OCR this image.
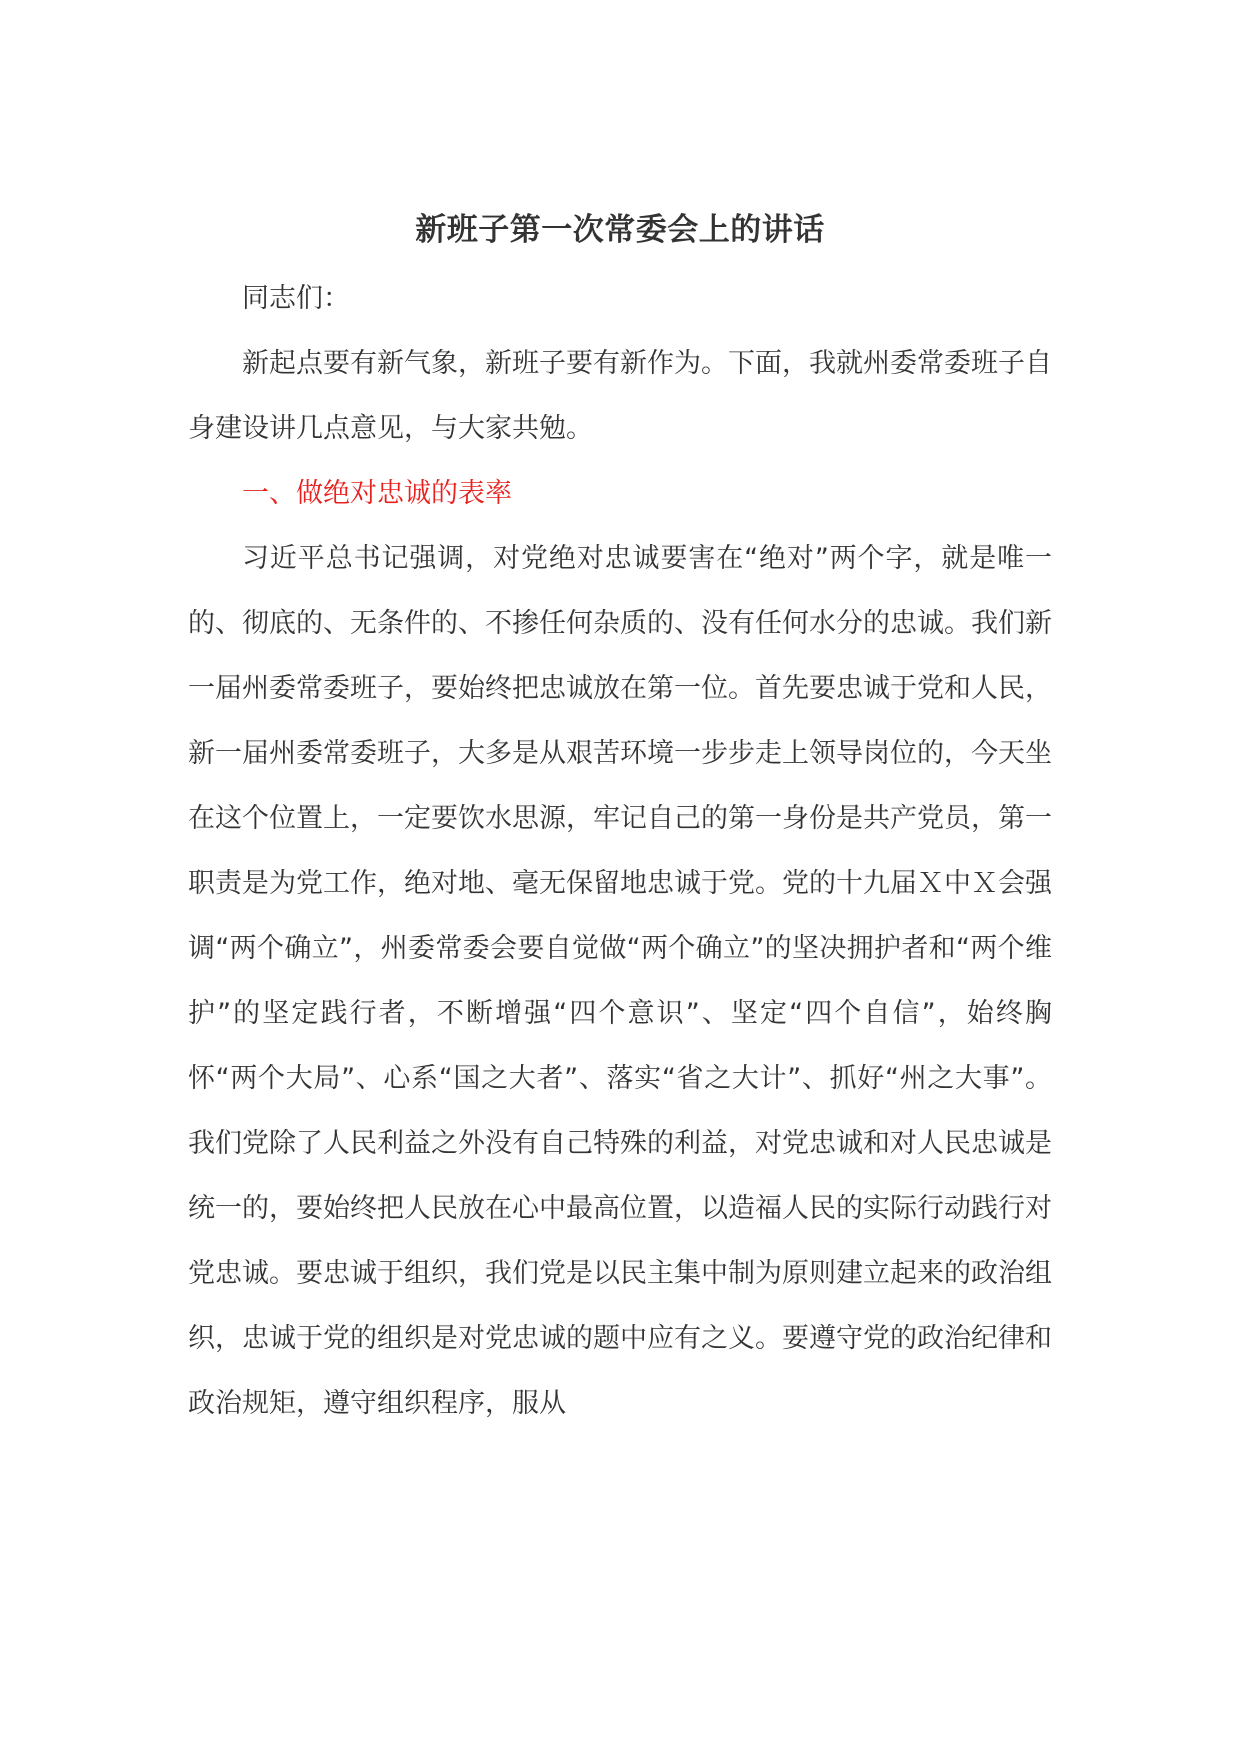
新班子第一次常委会上的讲话

同志们：

新起点要有新气象，新班子要有新作为。下面，我就州委常委班子自身建设讲几点意见，与大家共勉。

一、做绝对忠诚的表率

习近平总书记强调，对党绝对忠诚要害在“绝对”两个字，就是唯一的、彻底的、无条件的、不掺任何杂质的、没有任何水分的忠诚。我们新一届州委常委班子，要始终把忠诚放在第一位。首先要忠诚于党和人民，新一届州委常委班子，大多是从艰苦环境一步步走上领导岗位的，今天坐在这个位置上，一定要饮水思源，牢记自己的第一身份是共产党员，第一职责是为党工作，绝对地、毫无保留地忠诚于党。党的十九届Ｘ中Ｘ会强调“两个确立”，州委常委会要自觉做“两个确立”的坚决拥护者和“两个维护”的坚定践行者，不断增强“四个意识”、坚定“四个自信”，始终胸怀“两个大局”、心系“国之大者”、落实“省之大计”、抓好“州之大事”。我们党除了人民利益之外没有自己特殊的利益，对党忠诚和对人民忠诚是统一的，要始终把人民放在心中最高位置，以造福人民的实际行动践行对党忠诚。要忠诚于组织，我们党是以民主集中制为原则建立起来的政治组织，忠诚于党的组织是对党忠诚的题中应有之义。要遵守党的政治纪律和政治规矩，遵守组织程序，服从
